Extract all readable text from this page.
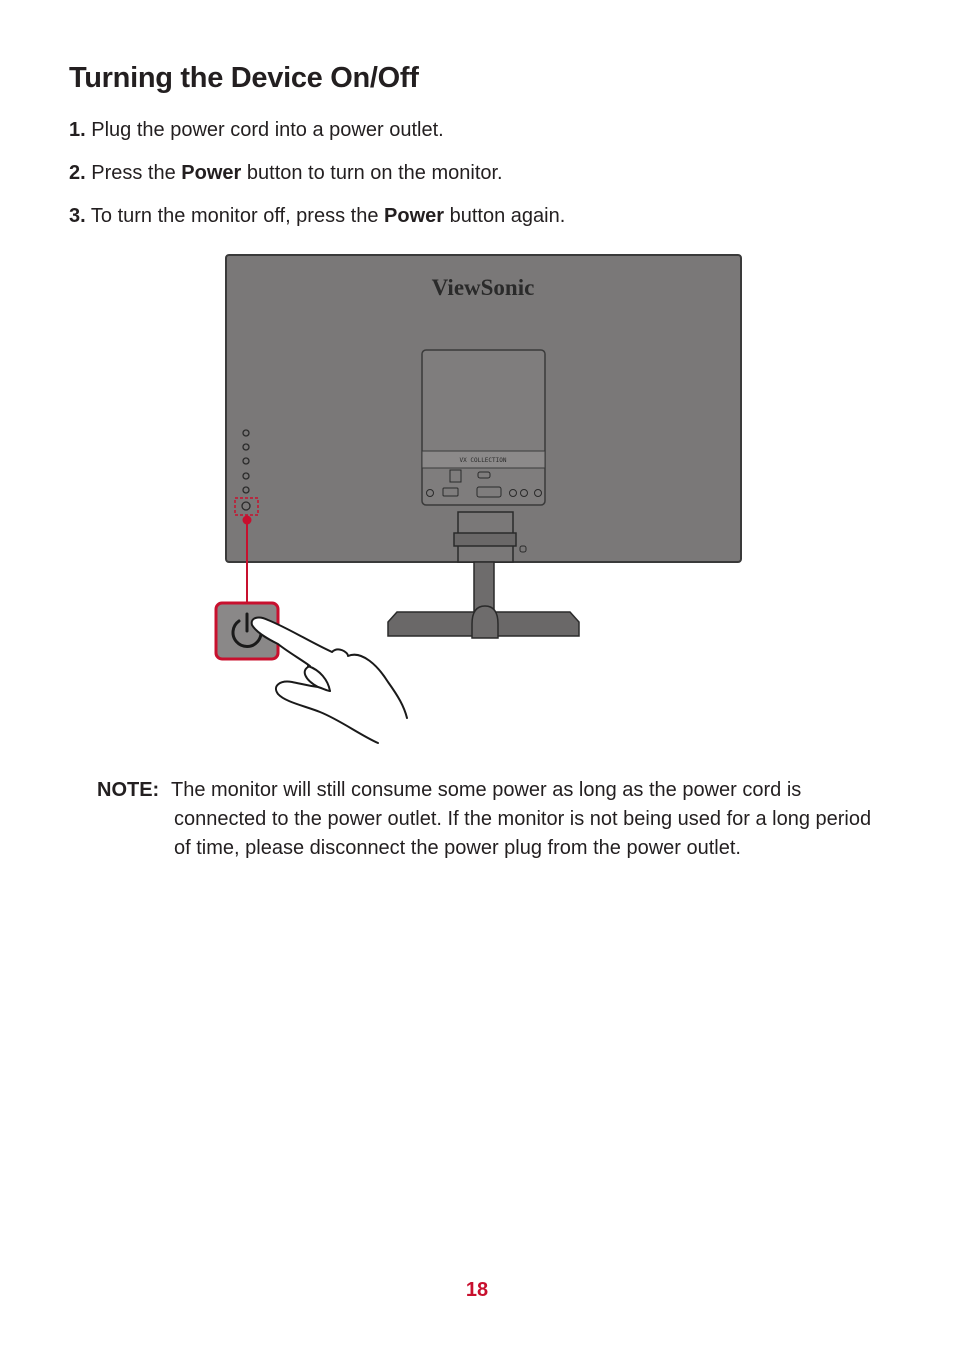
Turning the Device On/Off
1. Plug the power cord into a power outlet.
2. Press the Power button to turn on the monitor.
3. To turn the monitor off, press the Power button again.
ViewSonic
VX COLLECTION
NOTE: The monitor will still consume some power as long as the power cord is connected to the power outlet. If the monitor is not being used for a long period of time, please disconnect the power plug from the power outlet.
18
